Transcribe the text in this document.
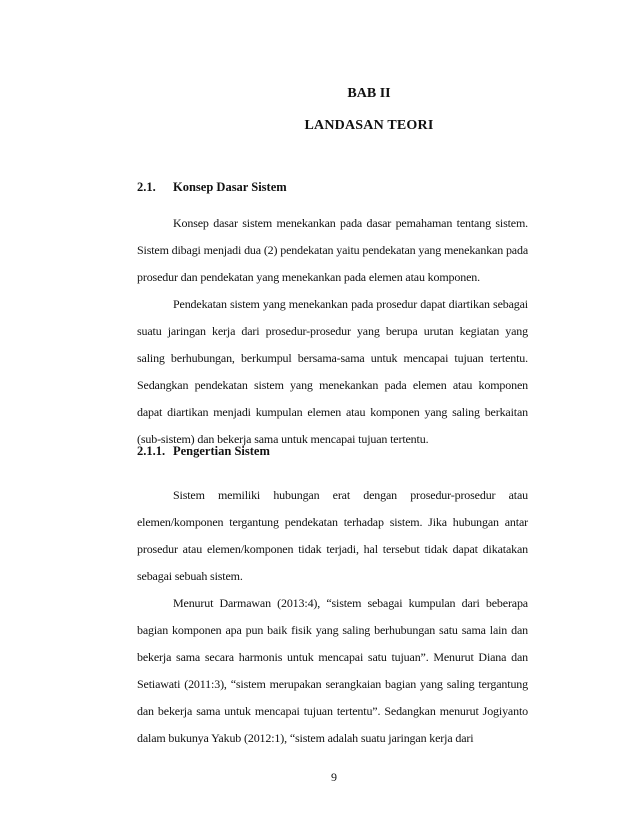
BAB II
LANDASAN TEORI
2.1. Konsep Dasar Sistem

Konsep dasar sistem menekankan pada dasar pemahaman tentang sistem. Sistem dibagi menjadi dua (2) pendekatan yaitu pendekatan yang menekankan pada prosedur dan pendekatan yang menekankan pada elemen atau komponen.

Pendekatan sistem yang menekankan pada prosedur dapat diartikan sebagai suatu jaringan kerja dari prosedur-prosedur yang berupa urutan kegiatan yang saling berhubungan, berkumpul bersama-sama untuk mencapai tujuan tertentu. Sedangkan pendekatan sistem yang menekankan pada elemen atau komponen dapat diartikan menjadi kumpulan elemen atau komponen yang saling berkaitan (sub-sistem) dan bekerja sama untuk mencapai tujuan tertentu.

2.1.1. Pengertian Sistem

Sistem memiliki hubungan erat dengan prosedur-prosedur atau elemen/komponen tergantung pendekatan terhadap sistem. Jika hubungan antar prosedur atau elemen/komponen tidak terjadi, hal tersebut tidak dapat dikatakan sebagai sebuah sistem.

Menurut Darmawan (2013:4), “sistem sebagai kumpulan dari beberapa bagian komponen apa pun baik fisik yang saling berhubungan satu sama lain dan bekerja sama secara harmonis untuk mencapai satu tujuan”. Menurut Diana dan Setiawati (2011:3), “sistem merupakan serangkaian bagian yang saling tergantung dan bekerja sama untuk mencapai tujuan tertentu”. Sedangkan menurut Jogiyanto dalam bukunya Yakub (2012:1), “sistem adalah suatu jaringan kerja dari

9
